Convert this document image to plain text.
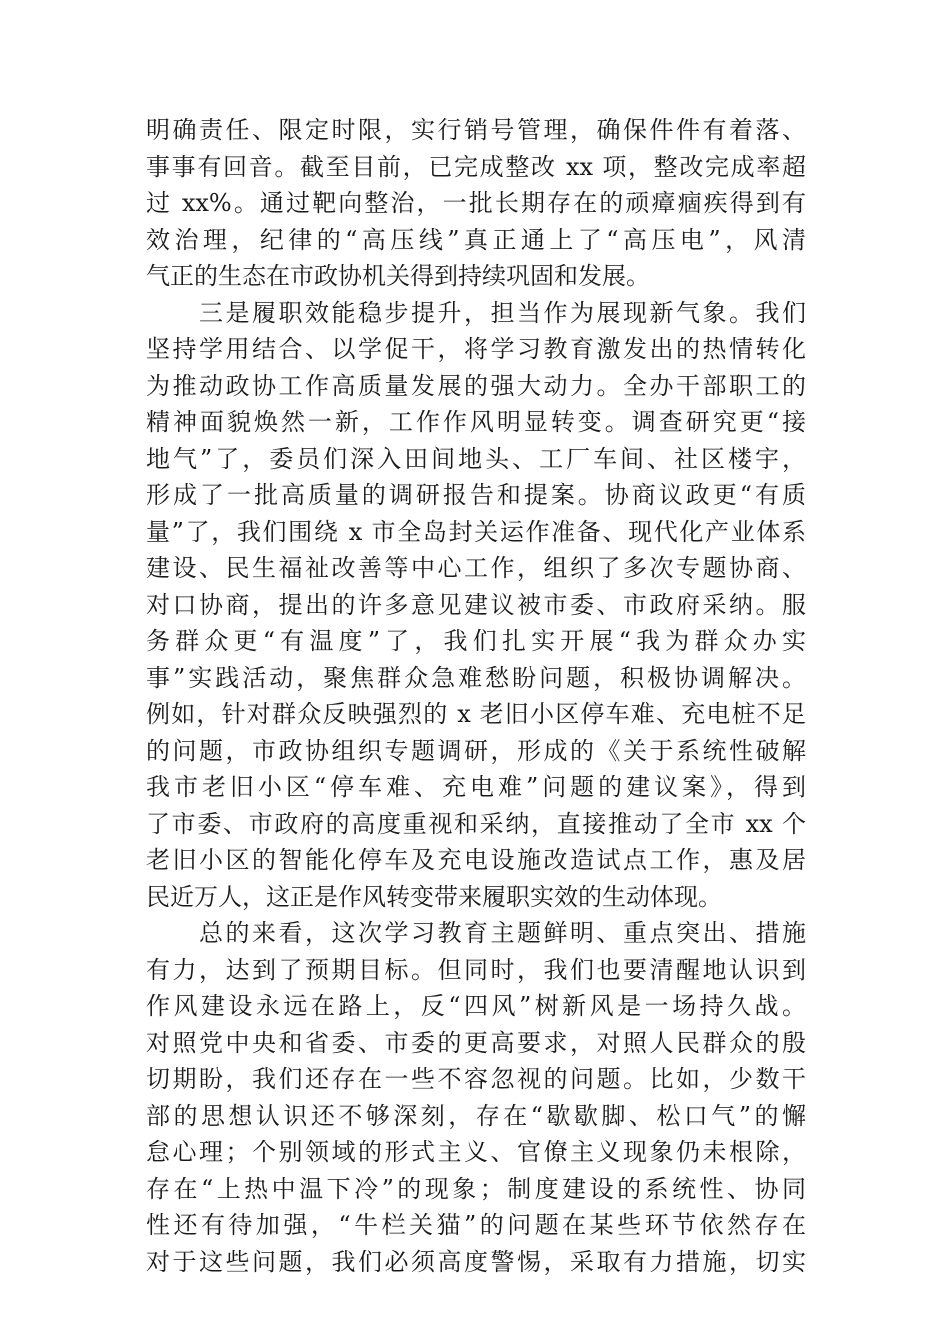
明确责任、限定时限，实行销号管理，确保件件有着落、
事事有回音。截至目前，已完成整改 xx 项，整改完成率超
过 xx%。通过靶向整治，一批长期存在的顽瘴痼疾得到有
效治理，纪律的“高压线”真正通上了“高压电”，风清
气正的生态在市政协机关得到持续巩固和发展。
　　三是履职效能稳步提升，担当作为展现新气象。我们
坚持学用结合、以学促干，将学习教育激发出的热情转化
为推动政协工作高质量发展的强大动力。全办干部职工的
精神面貌焕然一新，工作作风明显转变。调查研究更“接
地气”了，委员们深入田间地头、工厂车间、社区楼宇，
形成了一批高质量的调研报告和提案。协商议政更“有质
量”了，我们围绕 x 市全岛封关运作准备、现代化产业体系
建设、民生福祉改善等中心工作，组织了多次专题协商、
对口协商，提出的许多意见建议被市委、市政府采纳。服
务群众更“有温度”了，我们扎实开展“我为群众办实
事”实践活动，聚焦群众急难愁盼问题，积极协调解决。
例如，针对群众反映强烈的 x 老旧小区停车难、充电桩不足
的问题，市政协组织专题调研，形成的《关于系统性破解
我市老旧小区“停车难、充电难”问题的建议案》，得到
了市委、市政府的高度重视和采纳，直接推动了全市 xx 个
老旧小区的智能化停车及充电设施改造试点工作，惠及居
民近万人，这正是作风转变带来履职实效的生动体现。
　　总的来看，这次学习教育主题鲜明、重点突出、措施
有力，达到了预期目标。但同时，我们也要清醒地认识到
作风建设永远在路上，反“四风”树新风是一场持久战。
对照党中央和省委、市委的更高要求，对照人民群众的殷
切期盼，我们还存在一些不容忽视的问题。比如，少数干
部的思想认识还不够深刻，存在“歇歇脚、松口气”的懈
怠心理；个别领域的形式主义、官僚主义现象仍未根除，
存在“上热中温下冷”的现象；制度建设的系统性、协同
性还有待加强，“牛栏关猫”的问题在某些环节依然存在
对于这些问题，我们必须高度警惕，采取有力措施，切实
